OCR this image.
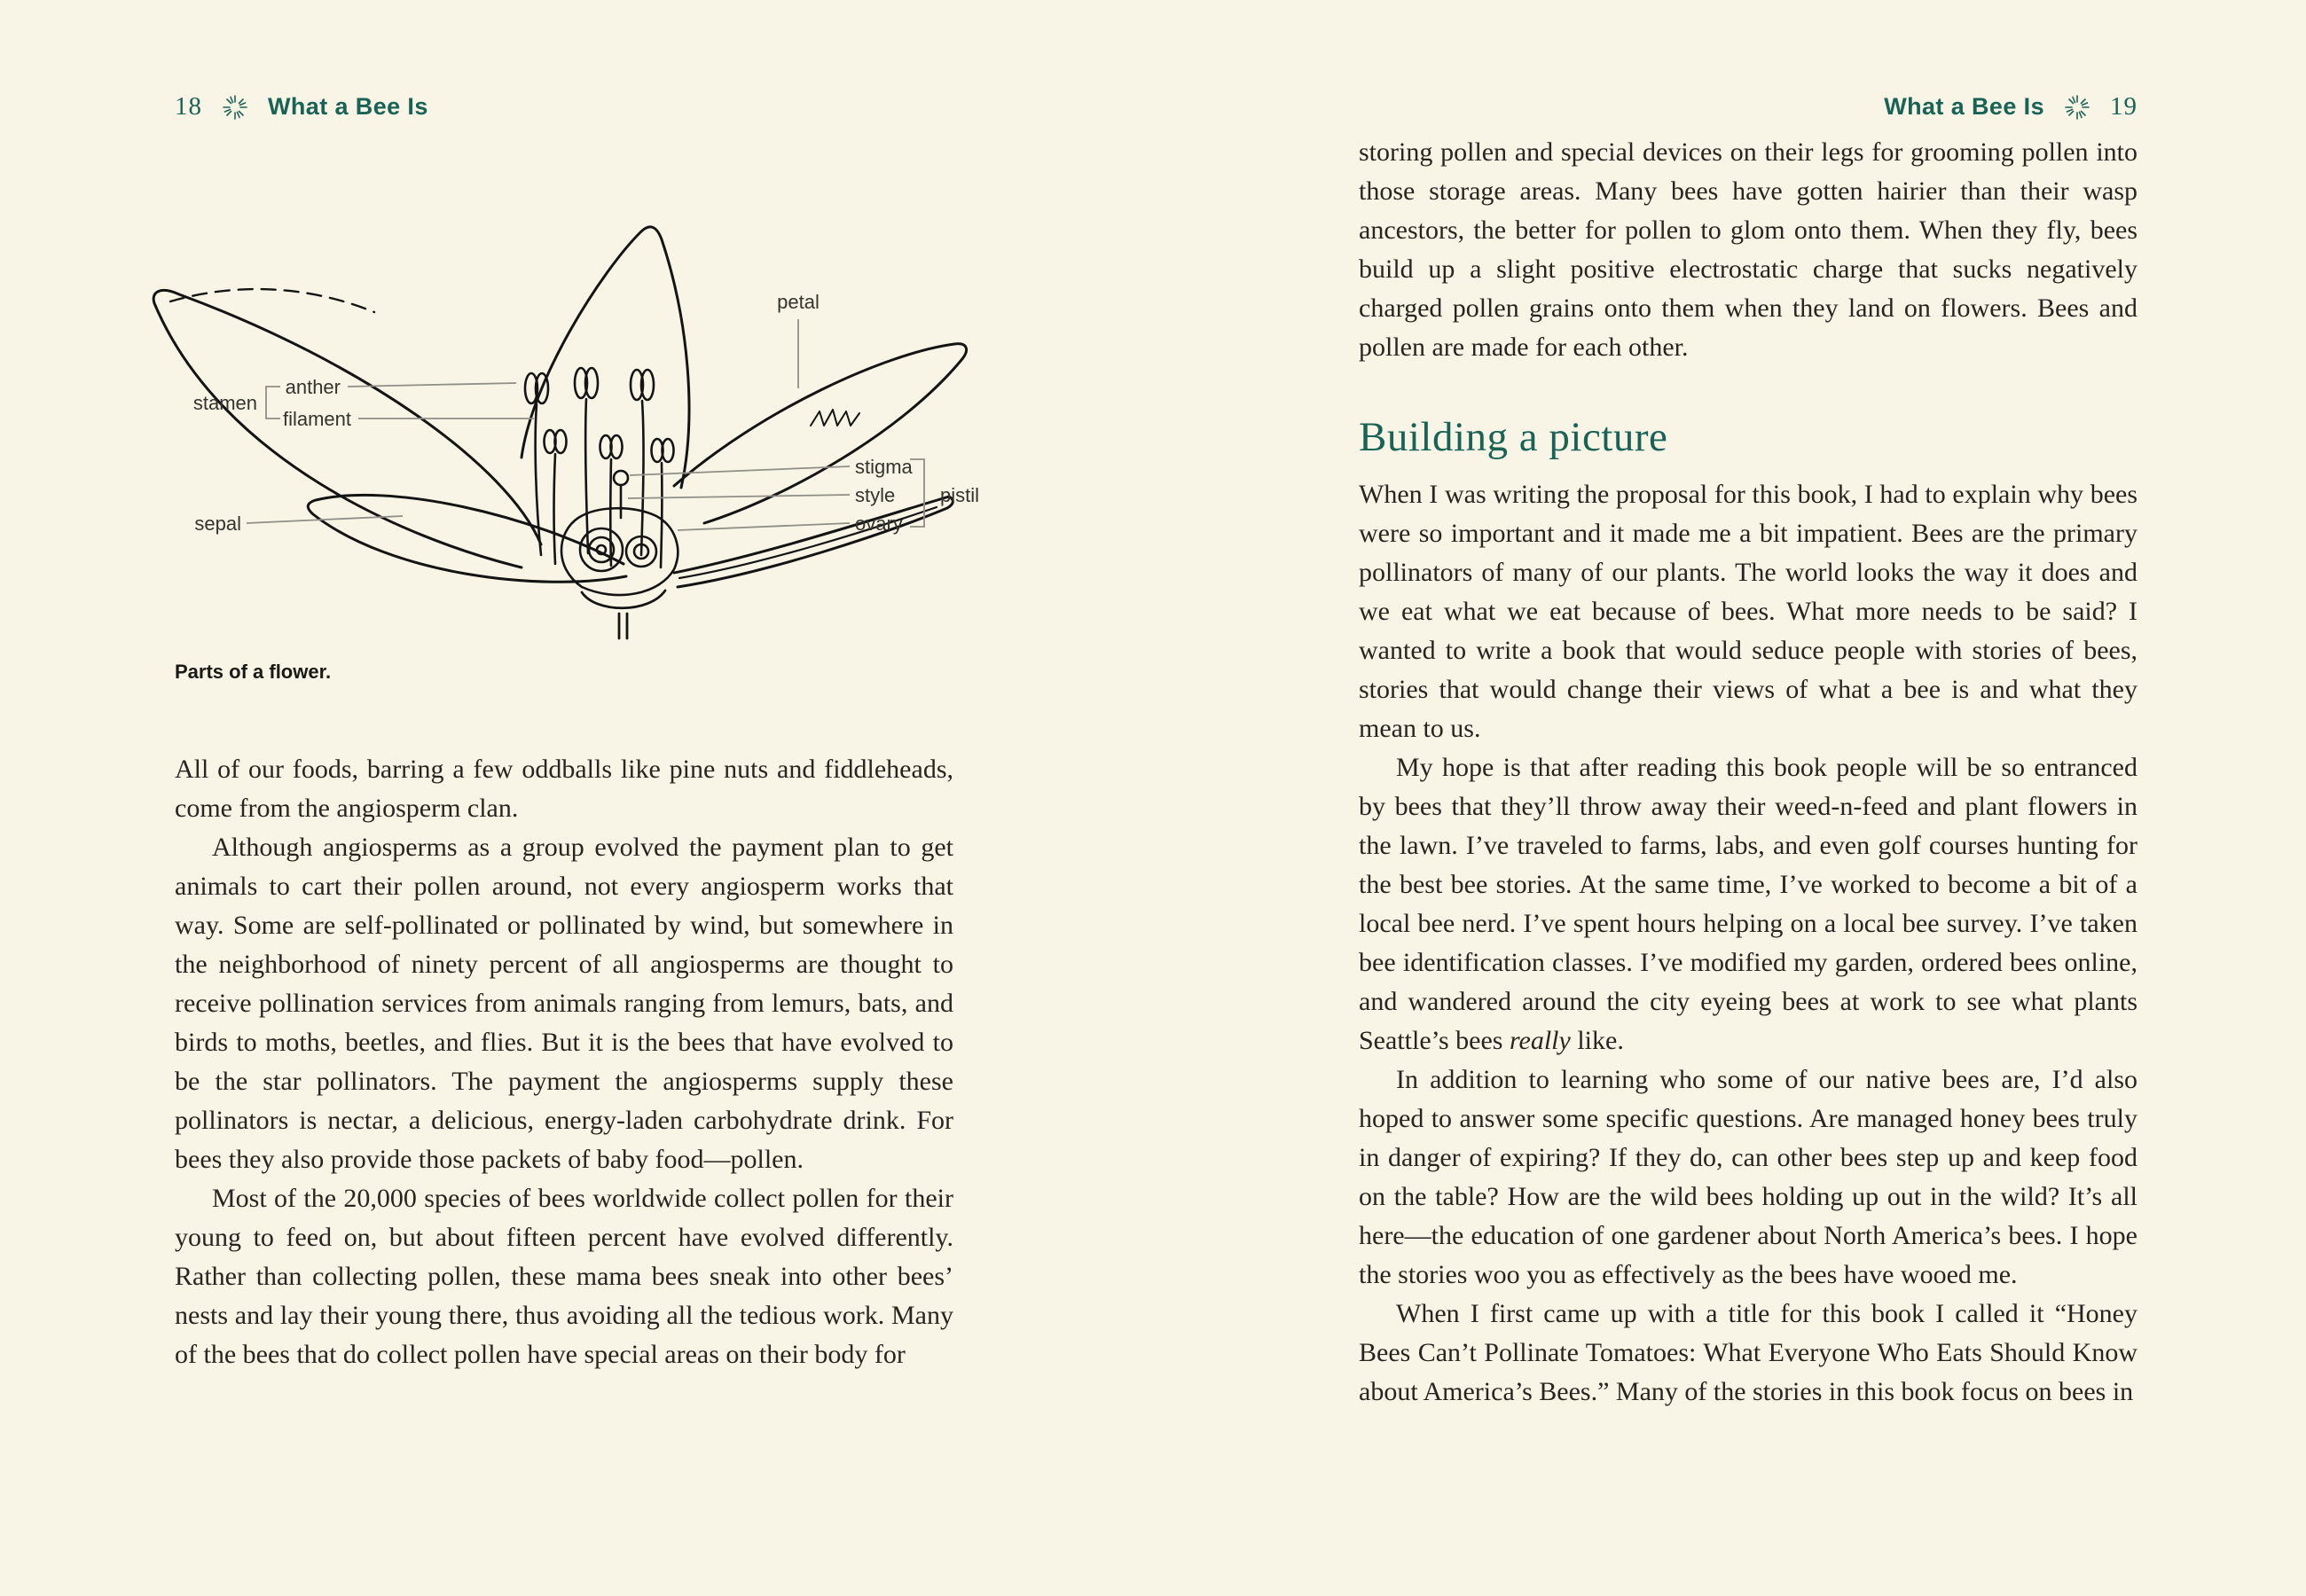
18	What a Bee Is	What a Bee Is	19
anther
stamen
filament
petal
stigma
style
ovary
pistil
sepal
Parts of a flower.

All of our foods, barring a few oddballs like pine nuts and fiddleheads, come from the angiosperm clan.

Although angiosperms as a group evolved the payment plan to get animals to cart their pollen around, not every angiosperm works that way. Some are self-pollinated or pollinated by wind, but somewhere in the neighborhood of ninety percent of all angiosperms are thought to receive pollination services from animals ranging from lemurs, bats, and birds to moths, beetles, and flies. But it is the bees that have evolved to be the star pollinators. The payment the angiosperms supply these pollinators is nectar, a delicious, energy-laden carbohydrate drink. For bees they also provide those packets of baby food—pollen.

Most of the 20,000 species of bees worldwide collect pollen for their young to feed on, but about fifteen percent have evolved differently. Rather than collecting pollen, these mama bees sneak into other bees’ nests and lay their young there, thus avoiding all the tedious work. Many of the bees that do collect pollen have special areas on their body for

storing pollen and special devices on their legs for grooming pollen into those storage areas. Many bees have gotten hairier than their wasp ancestors, the better for pollen to glom onto them. When they fly, bees build up a slight positive electrostatic charge that sucks negatively charged pollen grains onto them when they land on flowers. Bees and pollen are made for each other.

Building a picture

When I was writing the proposal for this book, I had to explain why bees were so important and it made me a bit impatient. Bees are the primary pollinators of many of our plants. The world looks the way it does and we eat what we eat because of bees. What more needs to be said? I wanted to write a book that would seduce people with stories of bees, stories that would change their views of what a bee is and what they mean to us.

My hope is that after reading this book people will be so entranced by bees that they’ll throw away their weed-n-feed and plant flowers in the lawn. I’ve traveled to farms, labs, and even golf courses hunting for the best bee stories. At the same time, I’ve worked to become a bit of a local bee nerd. I’ve spent hours helping on a local bee survey. I’ve taken bee identification classes. I’ve modified my garden, ordered bees online, and wandered around the city eyeing bees at work to see what plants Seattle’s bees really like.

In addition to learning who some of our native bees are, I’d also hoped to answer some specific questions. Are managed honey bees truly in danger of expiring? If they do, can other bees step up and keep food on the table? How are the wild bees holding up out in the wild? It’s all here—the education of one gardener about North America’s bees. I hope the stories woo you as effectively as the bees have wooed me.

When I first came up with a title for this book I called it “Honey Bees Can’t Pollinate Tomatoes: What Everyone Who Eats Should Know about America’s Bees.” Many of the stories in this book focus on bees in
